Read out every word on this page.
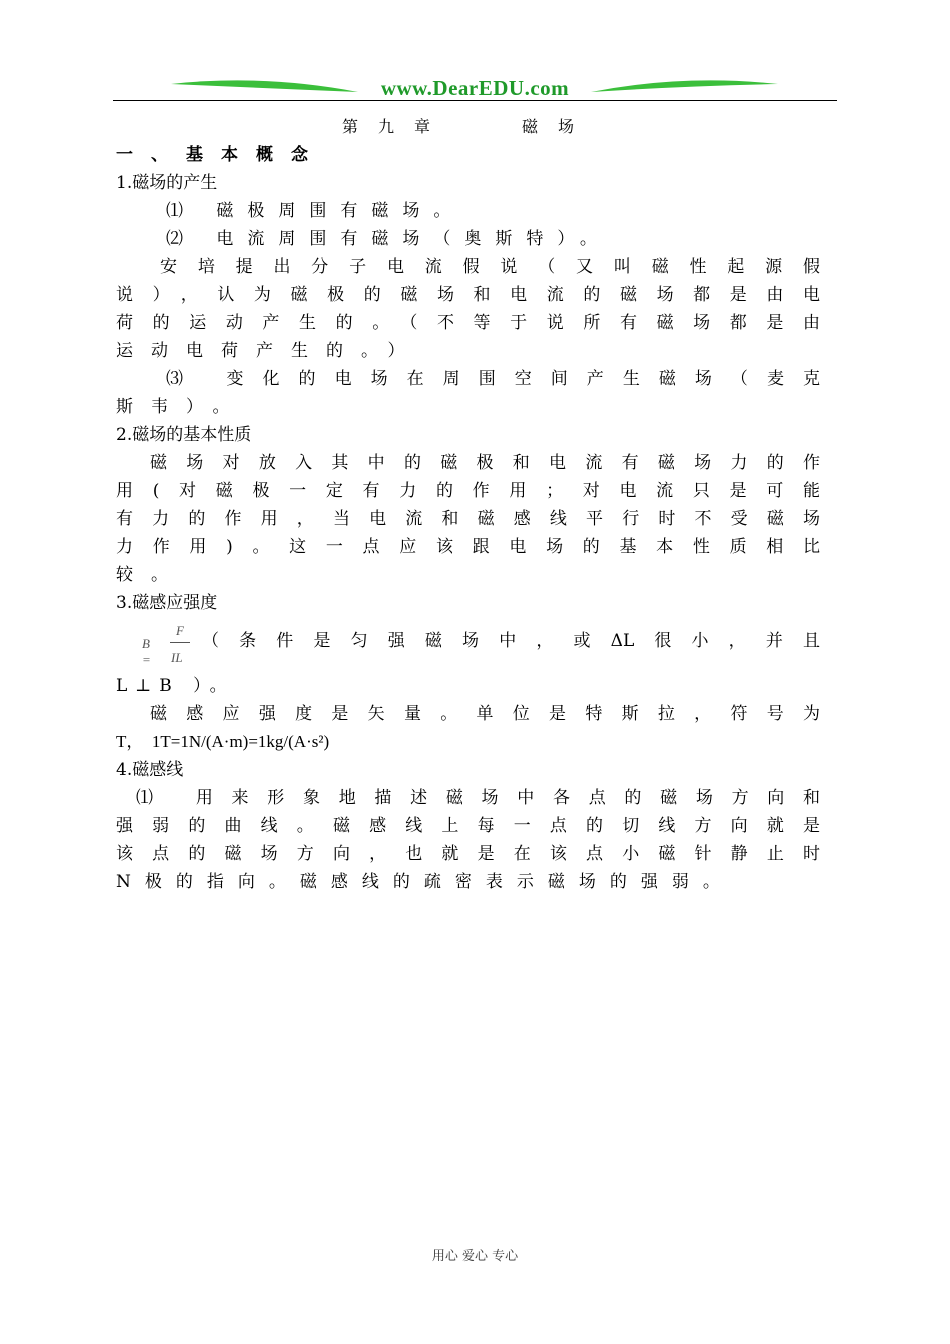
www.DearEDU.com
第九章　　磁场
一、基本概念
1.磁场的产生
⑴ 磁极周围有磁场。
⑵ 电流周围有磁场（奥斯特）。
安培提出分子电流假说（又叫磁性起源假
说），认为磁极的磁场和电流的磁场都是由电
荷的运动产生的。（不等于说所有磁场都是由
运动电荷产生的。）
⑶ 变化的电场在周围空间产生磁场（麦克
斯韦）。
2.磁场的基本性质
磁场对放入其中的磁极和电流有磁场力的作
用(对磁极一定有力的作用；对电流只是可能
有力的作用，当电流和磁感线平行时不受磁场
力作用)。这一点应该跟电场的基本性质相比
较。
3.磁感应强度
B =
F
IL
（条件是匀强磁场中，或ΔL很小，并且
L⊥B ）。
磁感应强度是矢量。单位是特斯拉，符号为
T，　1T=1N/(A·m)=1kg/(A·s²)
4.磁感线
⑴ 用来形象地描述磁场中各点的磁场方向和
强弱的曲线。磁感线上每一点的切线方向就是
该点的磁场方向，也就是在该点小磁针静止时
N极的指向。磁感线的疏密表示磁场的强弱。
用心 爱心 专心
